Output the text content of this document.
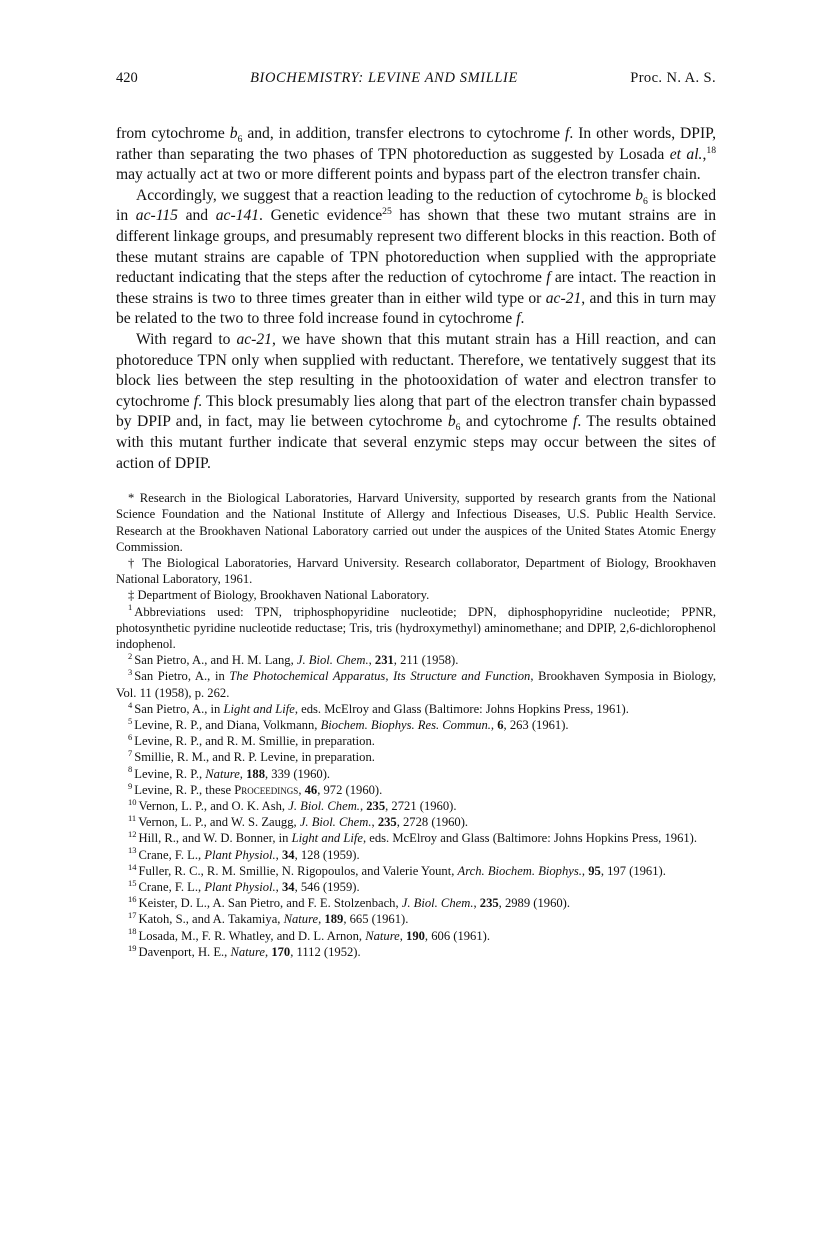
420	BIOCHEMISTRY: LEVINE AND SMILLIE	Proc. N. A. S.

from cytochrome $b_6$ and, in addition, transfer electrons to cytochrome f. In other words, DPIP, rather than separating the two phases of TPN photoreduction as suggested by Losada et al.,$^{18}$ may actually act at two or more different points and bypass part of the electron transfer chain.

Accordingly, we suggest that a reaction leading to the reduction of cytochrome $b_6$ is blocked in ac-115 and ac-141. Genetic evidence$^{25}$ has shown that these two mutant strains are in different linkage groups, and presumably represent two different blocks in this reaction. Both of these mutant strains are capable of TPN photoreduction when supplied with the appropriate reductant indicating that the steps after the reduction of cytochrome f are intact. The reaction in these strains is two to three times greater than in either wild type or ac-21, and this in turn may be related to the two to three fold increase found in cytochrome f.

With regard to ac-21, we have shown that this mutant strain has a Hill reaction, and can photoreduce TPN only when supplied with reductant. Therefore, we tentatively suggest that its block lies between the step resulting in the photooxidation of water and electron transfer to cytochrome f. This block presumably lies along that part of the electron transfer chain bypassed by DPIP and, in fact, may lie between cytochrome $b_6$ and cytochrome f. The results obtained with this mutant further indicate that several enzymic steps may occur between the sites of action of DPIP.

* Research in the Biological Laboratories, Harvard University, supported by research grants from the National Science Foundation and the National Institute of Allergy and Infectious Diseases, U.S. Public Health Service. Research at the Brookhaven National Laboratory carried out under the auspices of the United States Atomic Energy Commission.

† The Biological Laboratories, Harvard University. Research collaborator, Department of Biology, Brookhaven National Laboratory, 1961.

‡ Department of Biology, Brookhaven National Laboratory.

$^1$ Abbreviations used: TPN, triphosphopyridine nucleotide; DPN, diphosphopyridine nucleotide; PPNR, photosynthetic pyridine nucleotide reductase; Tris, tris (hydroxymethyl) aminomethane; and DPIP, 2,6-dichlorophenol indophenol.

$^2$ San Pietro, A., and H. M. Lang, J. Biol. Chem., 231, 211 (1958).

$^3$ San Pietro, A., in The Photochemical Apparatus, Its Structure and Function, Brookhaven Symposia in Biology, Vol. 11 (1958), p. 262.

$^4$ San Pietro, A., in Light and Life, eds. McElroy and Glass (Baltimore: Johns Hopkins Press, 1961).

$^5$ Levine, R. P., and Diana, Volkmann, Biochem. Biophys. Res. Commun., 6, 263 (1961).

$^6$ Levine, R. P., and R. M. Smillie, in preparation.

$^7$ Smillie, R. M., and R. P. Levine, in preparation.

$^8$ Levine, R. P., Nature, 188, 339 (1960).

$^9$ Levine, R. P., these Proceedings, 46, 972 (1960).

$^{10}$ Vernon, L. P., and O. K. Ash, J. Biol. Chem., 235, 2721 (1960).

$^{11}$ Vernon, L. P., and W. S. Zaugg, J. Biol. Chem., 235, 2728 (1960).

$^{12}$ Hill, R., and W. D. Bonner, in Light and Life, eds. McElroy and Glass (Baltimore: Johns Hopkins Press, 1961).

$^{13}$ Crane, F. L., Plant Physiol., 34, 128 (1959).

$^{14}$ Fuller, R. C., R. M. Smillie, N. Rigopoulos, and Valerie Yount, Arch. Biochem. Biophys., 95, 197 (1961).

$^{15}$ Crane, F. L., Plant Physiol., 34, 546 (1959).

$^{16}$ Keister, D. L., A. San Pietro, and F. E. Stolzenbach, J. Biol. Chem., 235, 2989 (1960).

$^{17}$ Katoh, S., and A. Takamiya, Nature, 189, 665 (1961).

$^{18}$ Losada, M., F. R. Whatley, and D. L. Arnon, Nature, 190, 606 (1961).

$^{19}$ Davenport, H. E., Nature, 170, 1112 (1952).
